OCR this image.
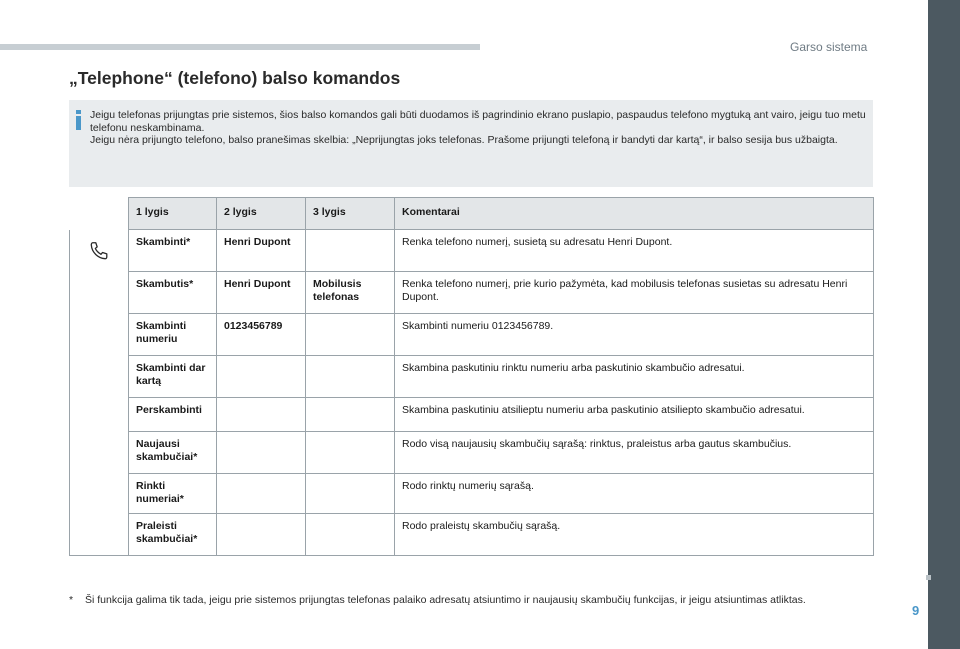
Garso sistema
„Telephone“ (telefono) balso komandos
Jeigu telefonas prijungtas prie sistemos, šios balso komandos gali būti duodamos iš pagrindinio ekrano puslapio, paspaudus telefono mygtuką ant vairo, jeigu tuo metu telefonu neskambinama.
Jeigu nėra prijungto telefono, balso pranešimas skelbia: „Neprijungtas joks telefonas. Prašome prijungti telefoną ir bandyti dar kartą“, ir balso sesija bus užbaigta.
	1 lygis	2 lygis	3 lygis	Komentarai

	Skambinti*	Henri Dupont		Renka telefono numerį, susietą su adresatu Henri Dupont.
	Skambutis*	Henri Dupont	Mobilusis telefonas	Renka telefono numerį, prie kurio pažymėta, kad mobilusis telefonas susietas su adresatu Henri Dupont.
	Skambinti numeriu	0123456789		Skambinti numeriu 0123456789.
	Skambinti dar kartą			Skambina paskutiniu rinktu numeriu arba paskutinio skambučio adresatui.
	Perskambinti			Skambina paskutiniu atsilieptu numeriu arba paskutinio atsiliepto skambučio adresatui.
	Naujausi skambučiai*			Rodo visą naujausių skambučių sąrašą: rinktus, praleistus arba gautus skambučius.
	Rinkti numeriai*			Rodo rinktų numerių sąrašą.
	Praleisti skambučiai*			Rodo praleistų skambučių sąrašą.
* Ši funkcija galima tik tada, jeigu prie sistemos prijungtas telefonas palaiko adresatų atsiuntimo ir naujausių skambučių funkcijas, ir jeigu atsiuntimas atliktas.
9
